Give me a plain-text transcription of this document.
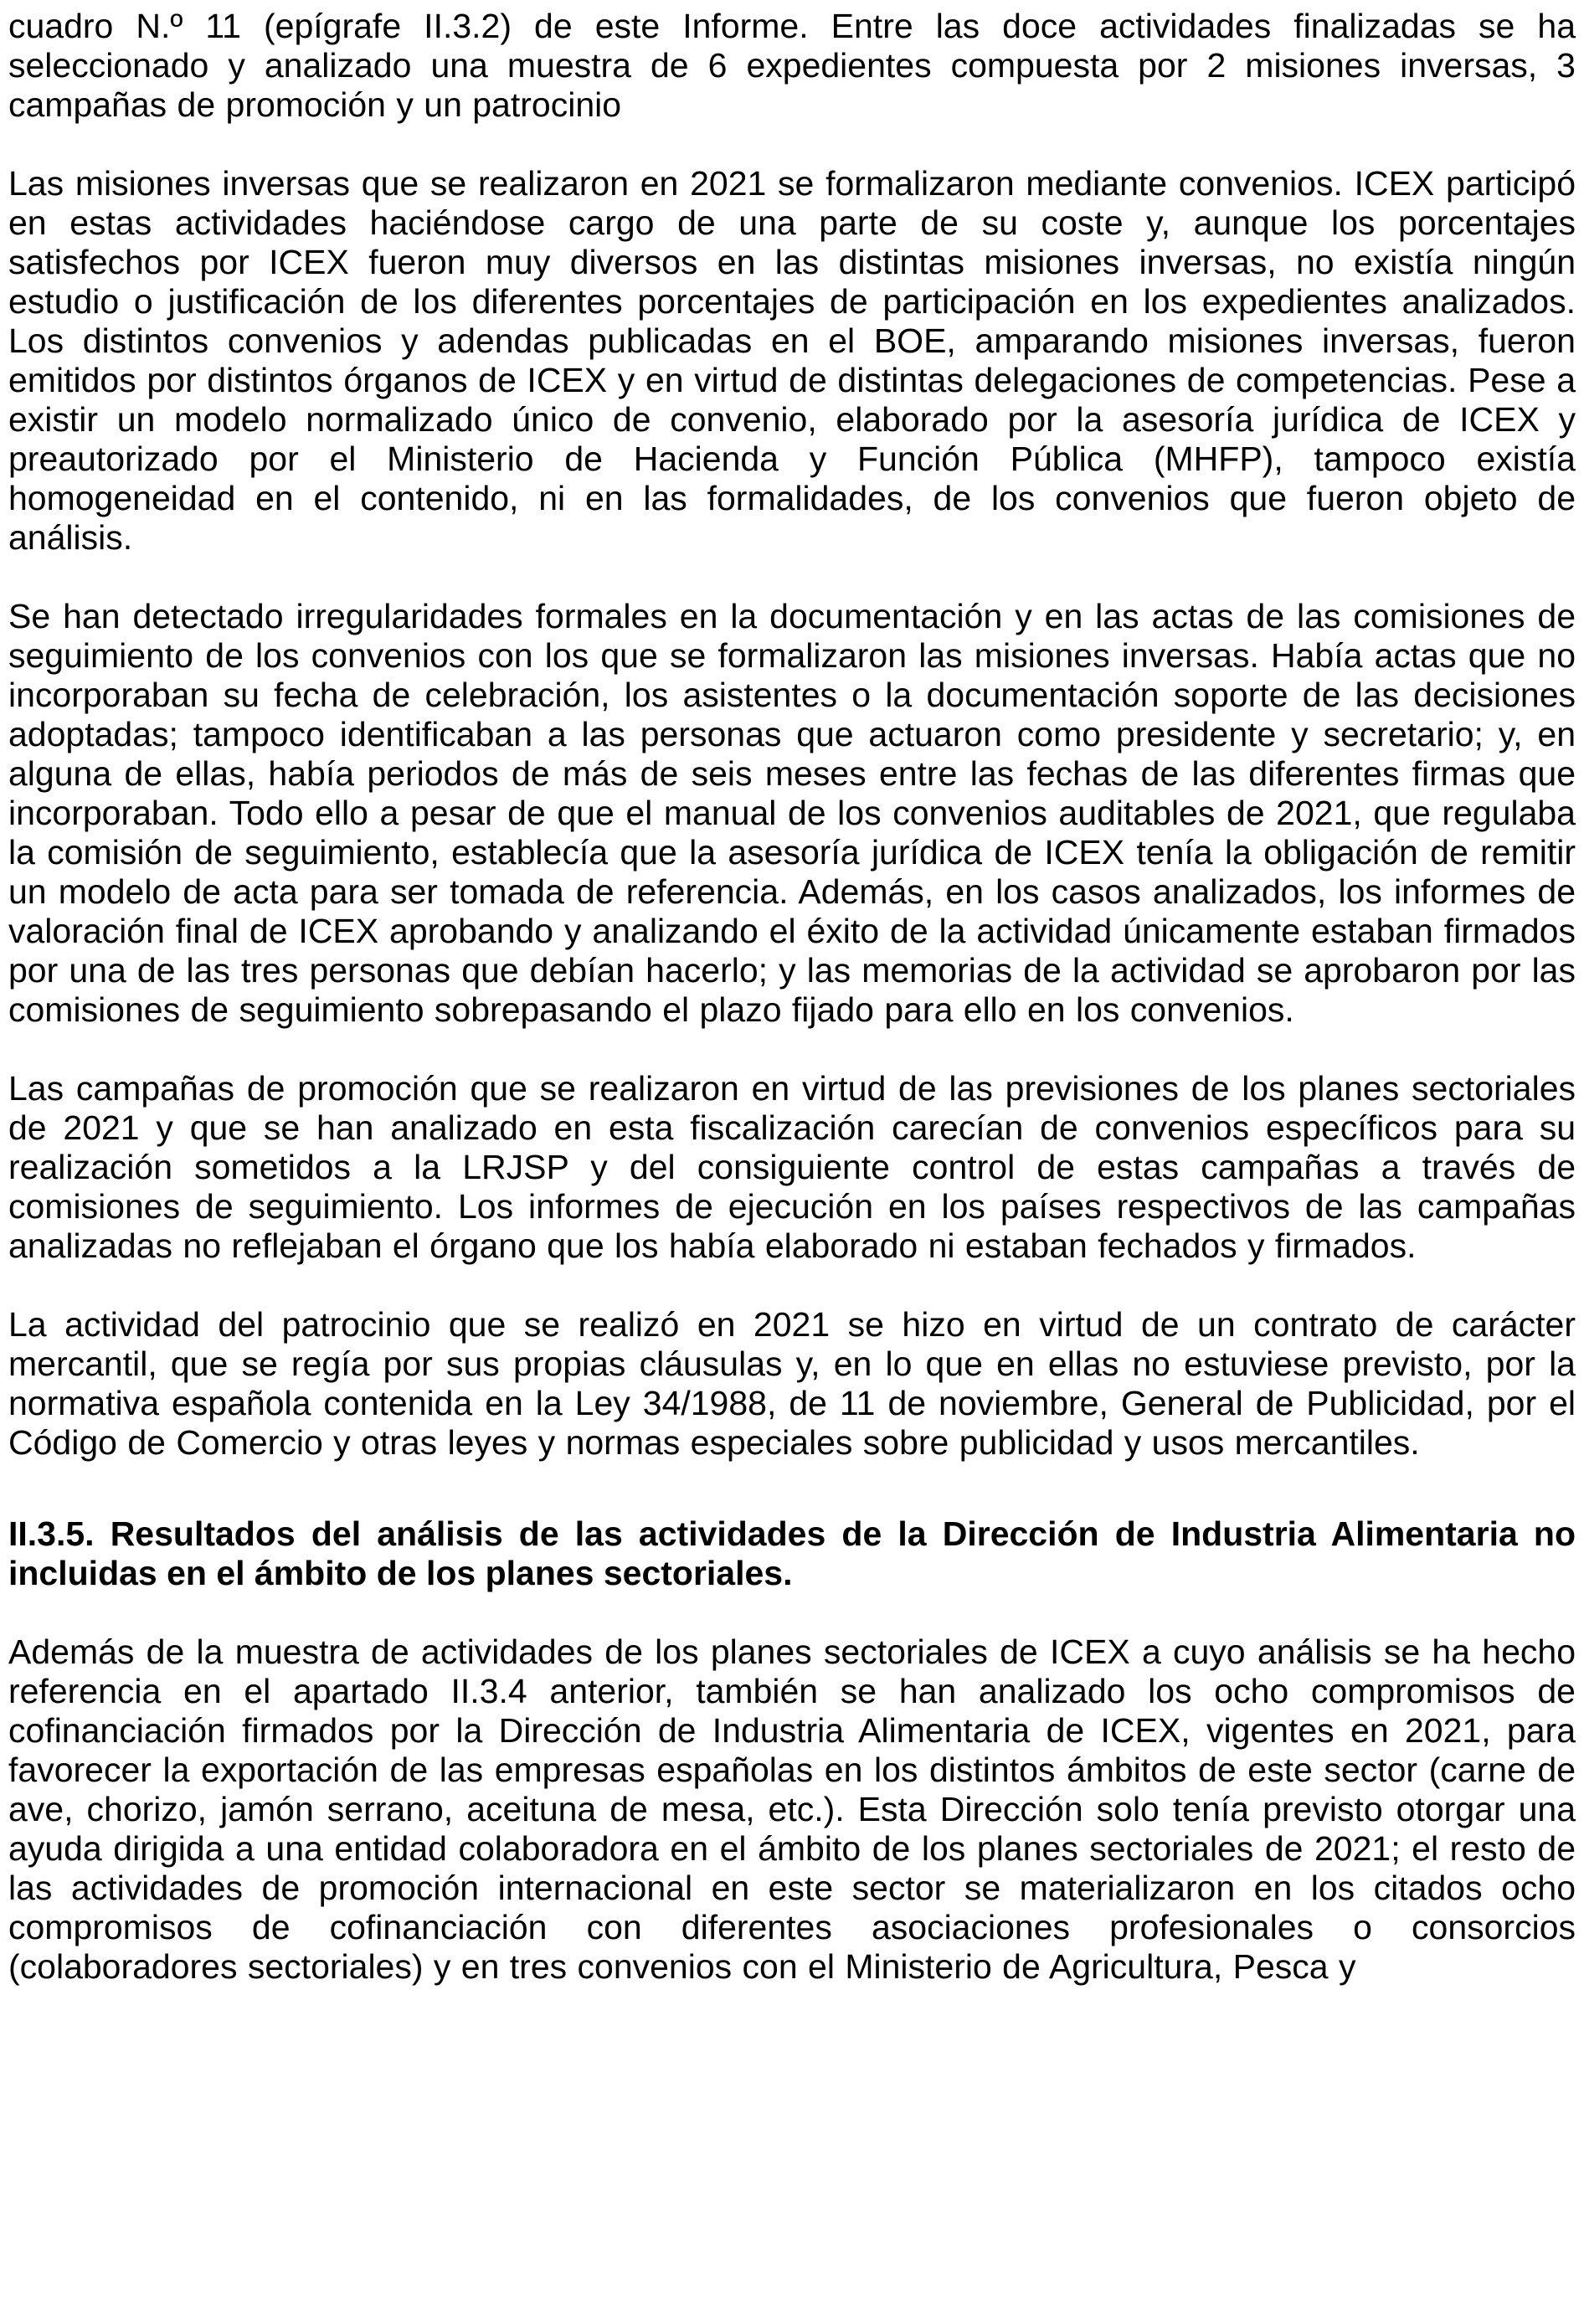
cuadro N.º 11 (epígrafe II.3.2) de este Informe. Entre las doce actividades finalizadas se ha seleccionado y analizado una muestra de 6 expedientes compuesta por 2 misiones inversas, 3 campañas de promoción y un patrocinio

Las misiones inversas que se realizaron en 2021 se formalizaron mediante convenios. ICEX participó en estas actividades haciéndose cargo de una parte de su coste y, aunque los porcentajes satisfechos por ICEX fueron muy diversos en las distintas misiones inversas, no existía ningún estudio o justificación de los diferentes porcentajes de participación en los expedientes analizados. Los distintos convenios y adendas publicadas en el BOE, amparando misiones inversas, fueron emitidos por distintos órganos de ICEX y en virtud de distintas delegaciones de competencias. Pese a existir un modelo normalizado único de convenio, elaborado por la asesoría jurídica de ICEX y preautorizado por el Ministerio de Hacienda y Función Pública (MHFP), tampoco existía homogeneidad en el contenido, ni en las formalidades, de los convenios que fueron objeto de análisis.

Se han detectado irregularidades formales en la documentación y en las actas de las comisiones de seguimiento de los convenios con los que se formalizaron las misiones inversas. Había actas que no incorporaban su fecha de celebración, los asistentes o la documentación soporte de las decisiones adoptadas; tampoco identificaban a las personas que actuaron como presidente y secretario; y, en alguna de ellas, había periodos de más de seis meses entre las fechas de las diferentes firmas que incorporaban. Todo ello a pesar de que el manual de los convenios auditables de 2021, que regulaba la comisión de seguimiento, establecía que la asesoría jurídica de ICEX tenía la obligación de remitir un modelo de acta para ser tomada de referencia. Además, en los casos analizados, los informes de valoración final de ICEX aprobando y analizando el éxito de la actividad únicamente estaban firmados por una de las tres personas que debían hacerlo; y las memorias de la actividad se aprobaron por las comisiones de seguimiento sobrepasando el plazo fijado para ello en los convenios.

Las campañas de promoción que se realizaron en virtud de las previsiones de los planes sectoriales de 2021 y que se han analizado en esta fiscalización carecían de convenios específicos para su realización sometidos a la LRJSP y del consiguiente control de estas campañas a través de comisiones de seguimiento. Los informes de ejecución en los países respectivos de las campañas analizadas no reflejaban el órgano que los había elaborado ni estaban fechados y firmados.

La actividad del patrocinio que se realizó en 2021 se hizo en virtud de un contrato de carácter mercantil, que se regía por sus propias cláusulas y, en lo que en ellas no estuviese previsto, por la normativa española contenida en la Ley 34/1988, de 11 de noviembre, General de Publicidad, por el Código de Comercio y otras leyes y normas especiales sobre publicidad y usos mercantiles.

II.3.5. Resultados del análisis de las actividades de la Dirección de Industria Alimentaria no incluidas en el ámbito de los planes sectoriales.

Además de la muestra de actividades de los planes sectoriales de ICEX a cuyo análisis se ha hecho referencia en el apartado II.3.4 anterior, también se han analizado los ocho compromisos de cofinanciación firmados por la Dirección de Industria Alimentaria de ICEX, vigentes en 2021, para favorecer la exportación de las empresas españolas en los distintos ámbitos de este sector (carne de ave, chorizo, jamón serrano, aceituna de mesa, etc.). Esta Dirección solo tenía previsto otorgar una ayuda dirigida a una entidad colaboradora en el ámbito de los planes sectoriales de 2021; el resto de las actividades de promoción internacional en este sector se materializaron en los citados ocho compromisos de cofinanciación con diferentes asociaciones profesionales o consorcios (colaboradores sectoriales) y en tres convenios con el Ministerio de Agricultura, Pesca y
